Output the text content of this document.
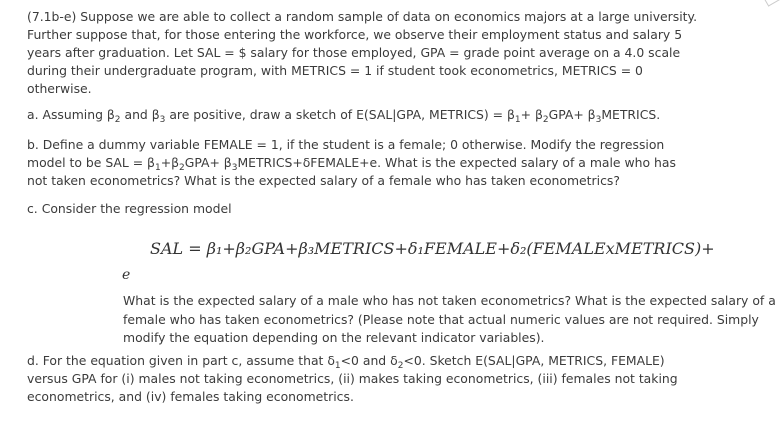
(7.1b-e) Suppose we are able to collect a random sample of data on economics majors at a large university.

Further suppose that, for those entering the workforce, we observe their employment status and salary 5

years after graduation. Let SAL = $ salary for those employed, GPA = grade point average on a 4.0 scale

during their undergraduate program, with METRICS = 1 if student took econometrics, METRICS = 0

otherwise.

a. Assuming $\beta_2$ and $\beta_3$ are positive, draw a sketch of E(SAL|GPA, METRICS) = $\beta_1+ \beta_2GPA+$ $\beta_3METRICS$.

b. Define a dummy variable FEMALE = 1, if the student is a female; 0 otherwise. Modify the regression

model to be SAL = $\beta_1+\beta_2GPA+$ $\beta_3METRICS+\delta FEMALE+e$. What is the expected salary of a male who has

not taken econometrics? What is the expected salary of a female who has taken econometrics?

c. Consider the regression model

SAL = β₁+β₂GPA+β₃METRICS+δ₁FEMALE+δ₂(FEMALExMETRICS)+
e

What is the expected salary of a male who has not taken econometrics? What is the expected salary of a

female who has taken econometrics? (Please note that actual numeric values are not required. Simply

modify the equation depending on the relevant indicator variables).

d. For the equation given in part c, assume that $\delta_1<0$ and $\delta_2<0$. Sketch E(SAL|GPA, METRICS, FEMALE)

versus GPA for (i) males not taking econometrics, (ii) makes taking econometrics, (iii) females not taking

econometrics, and (iv) females taking econometrics.
